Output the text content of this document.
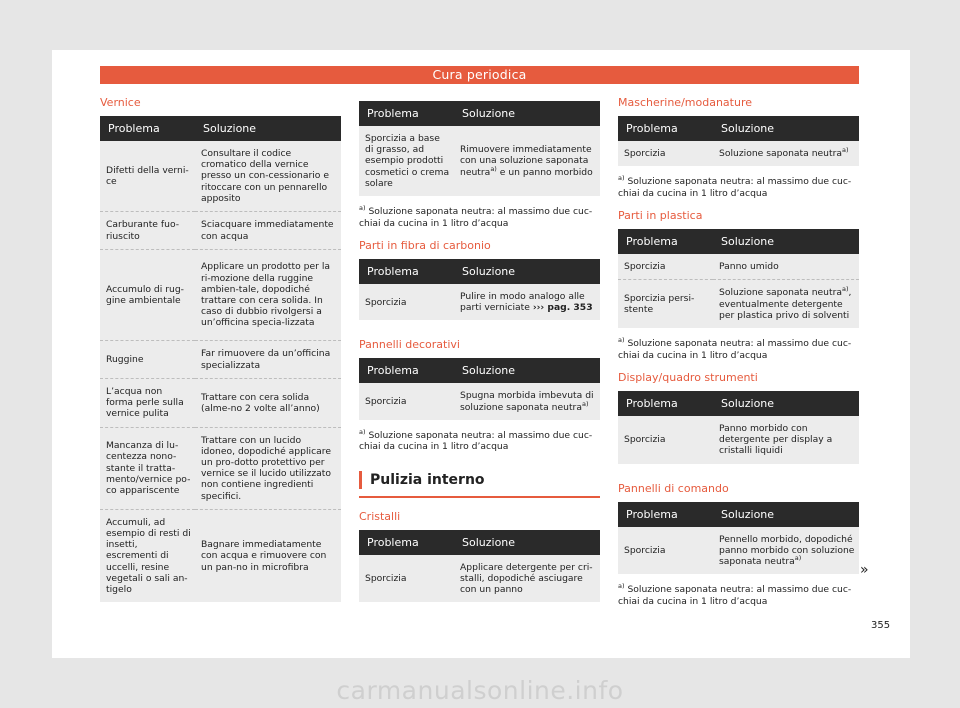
Cura periodica
Vernice
Problema	Soluzione
Difetti della verni-ce	Consultare il codice cromatico della vernice presso un con-cessionario e ritoccare con un pennarello apposito
Carburante fuo-riuscito	Sciacquare immediatamente con acqua
Accumulo di rug-gine ambientale	Applicare un prodotto per la ri-mozione della ruggine ambien-tale, dopodiché trattare con cera solida. In caso di dubbio rivolgersi a un’officina specia-lizzata
Ruggine	Far rimuovere da un’officina specializzata
L’acqua non forma perle sulla vernice pulita	Trattare con cera solida (alme-no 2 volte all’anno)
Mancanza di lu-centezza nono-stante il tratta-mento/vernice po-co appariscente	Trattare con un lucido idoneo, dopodiché applicare un pro-dotto protettivo per vernice se il lucido utilizzato non contiene ingredienti specifici.
Accumuli, ad esempio di resti di insetti, escrementi di uccelli, resine vegetali o sali an-tigelo	Bagnare immediatamente con acqua e rimuovere con un pan-no in microfibra
Problema	Soluzione
Sporcizia a base di grasso, ad esempio prodotti cosmetici o crema solare	Rimuovere immediatamente con una soluzione saponata neutra$^{a)}$ e un panno morbido
$^{a)}$ Soluzione saponata neutra: al massimo due cuc-chiai da cucina in 1 litro d’acqua
Parti in fibra di carbonio
Problema	Soluzione
Sporcizia	Pulire in modo analogo alle parti verniciate ››› pag. 353
Pannelli decorativi
Problema	Soluzione
Sporcizia	Spugna morbida imbevuta di soluzione saponata neutra$^{a)}$
$^{a)}$ Soluzione saponata neutra: al massimo due cuc-chiai da cucina in 1 litro d’acqua
Pulizia interno
Cristalli
Problema	Soluzione
Sporcizia	Applicare detergente per cri-stalli, dopodiché asciugare con un panno
Mascherine/modanature
Problema	Soluzione
Sporcizia	Soluzione saponata neutra$^{a)}$
$^{a)}$ Soluzione saponata neutra: al massimo due cuc-chiai da cucina in 1 litro d’acqua
Parti in plastica
Problema	Soluzione
Sporcizia	Panno umido
Sporcizia persi-stente	Soluzione saponata neutra$^{a)}$, eventualmente detergente per plastica privo di solventi
$^{a)}$ Soluzione saponata neutra: al massimo due cuc-chiai da cucina in 1 litro d’acqua
Display/quadro strumenti
Problema	Soluzione
Sporcizia	Panno morbido con detergente per display a cristalli liquidi
Pannelli di comando
Problema	Soluzione
Sporcizia	Pennello morbido, dopodiché panno morbido con soluzione saponata neutra$^{a)}$
$^{a)}$ Soluzione saponata neutra: al massimo due cuc-chiai da cucina in 1 litro d’acqua
»
355
carmanualsonline.info
